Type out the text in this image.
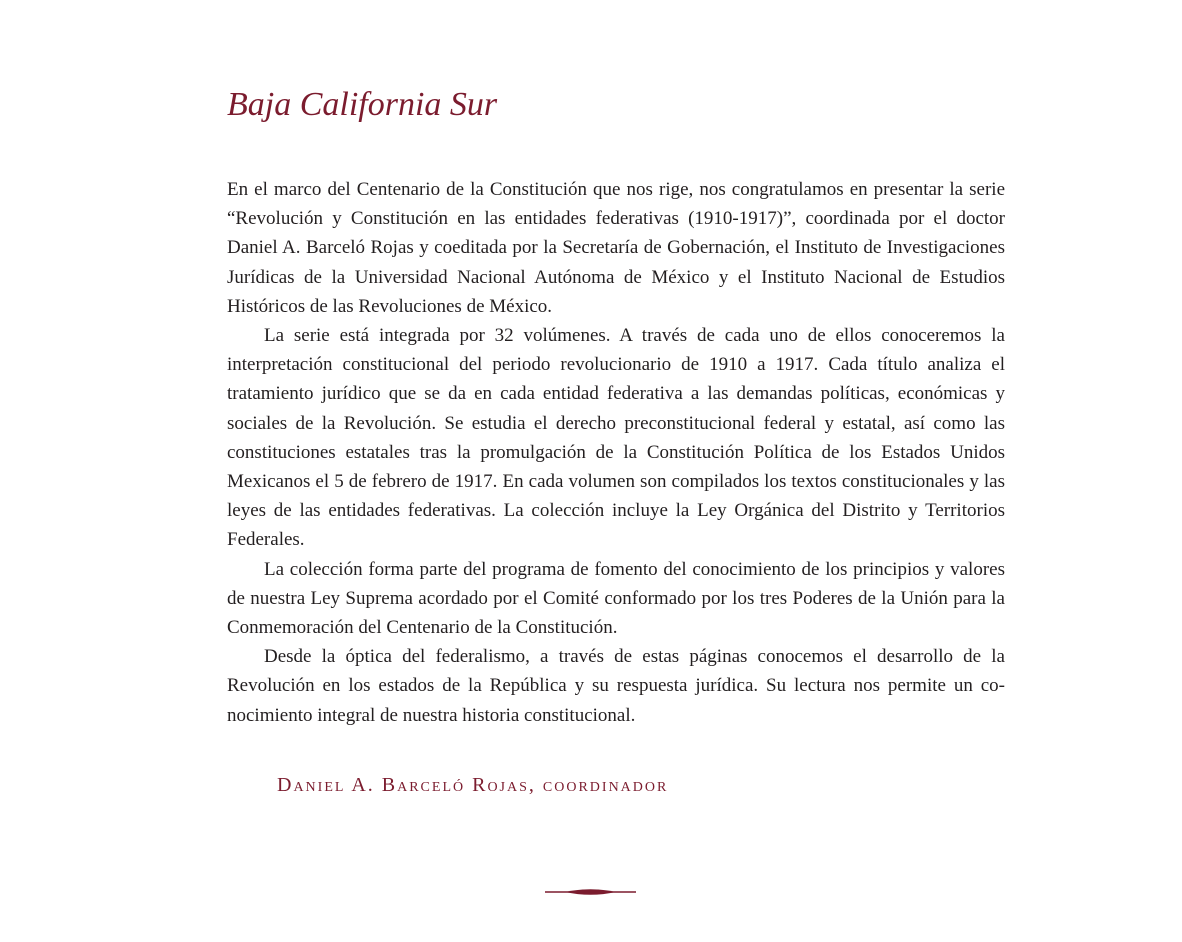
Baja California Sur

En el marco del Centenario de la Constitución que nos rige, nos congratulamos en presentar la serie “Revolución y Constitución en las entidades federativas (1910-1917)”, coordinada por el doctor Daniel A. Barceló Rojas y coeditada por la Secretaría de Gobernación, el Instituto de Investigaciones Jurídicas de la Universidad Nacional Autónoma de México y el Instituto Nacional de Estudios Históricos de las Revoluciones de México.

La serie está integrada por 32 volúmenes. A través de cada uno de ellos conoceremos la interpretación constitucional del periodo revolucionario de 1910 a 1917. Cada título analiza el tratamiento jurídico que se da en cada entidad federativa a las demandas políticas, económicas y sociales de la Revolución. Se estudia el derecho preconstitucional federal y estatal, así como las constituciones estatales tras la promulgación de la Constitución Política de los Estados Unidos Mexicanos el 5 de febrero de 1917. En cada volumen son compilados los textos constitucionales y las leyes de las entidades federativas. La colección incluye la Ley Orgánica del Distrito y Territorios Federales.

La colección forma parte del programa de fomento del conocimiento de los principios y valores de nuestra Ley Suprema acordado por el Comité conformado por los tres Poderes de la Unión para la Conmemoración del Centenario de la Constitución.

Desde la óptica del federalismo, a través de estas páginas conocemos el desarrollo de la Revolución en los estados de la República y su respuesta jurídica. Su lectura nos permite un conocimiento integral de nuestra historia constitucional.

Daniel A. Barceló Rojas, coordinador
